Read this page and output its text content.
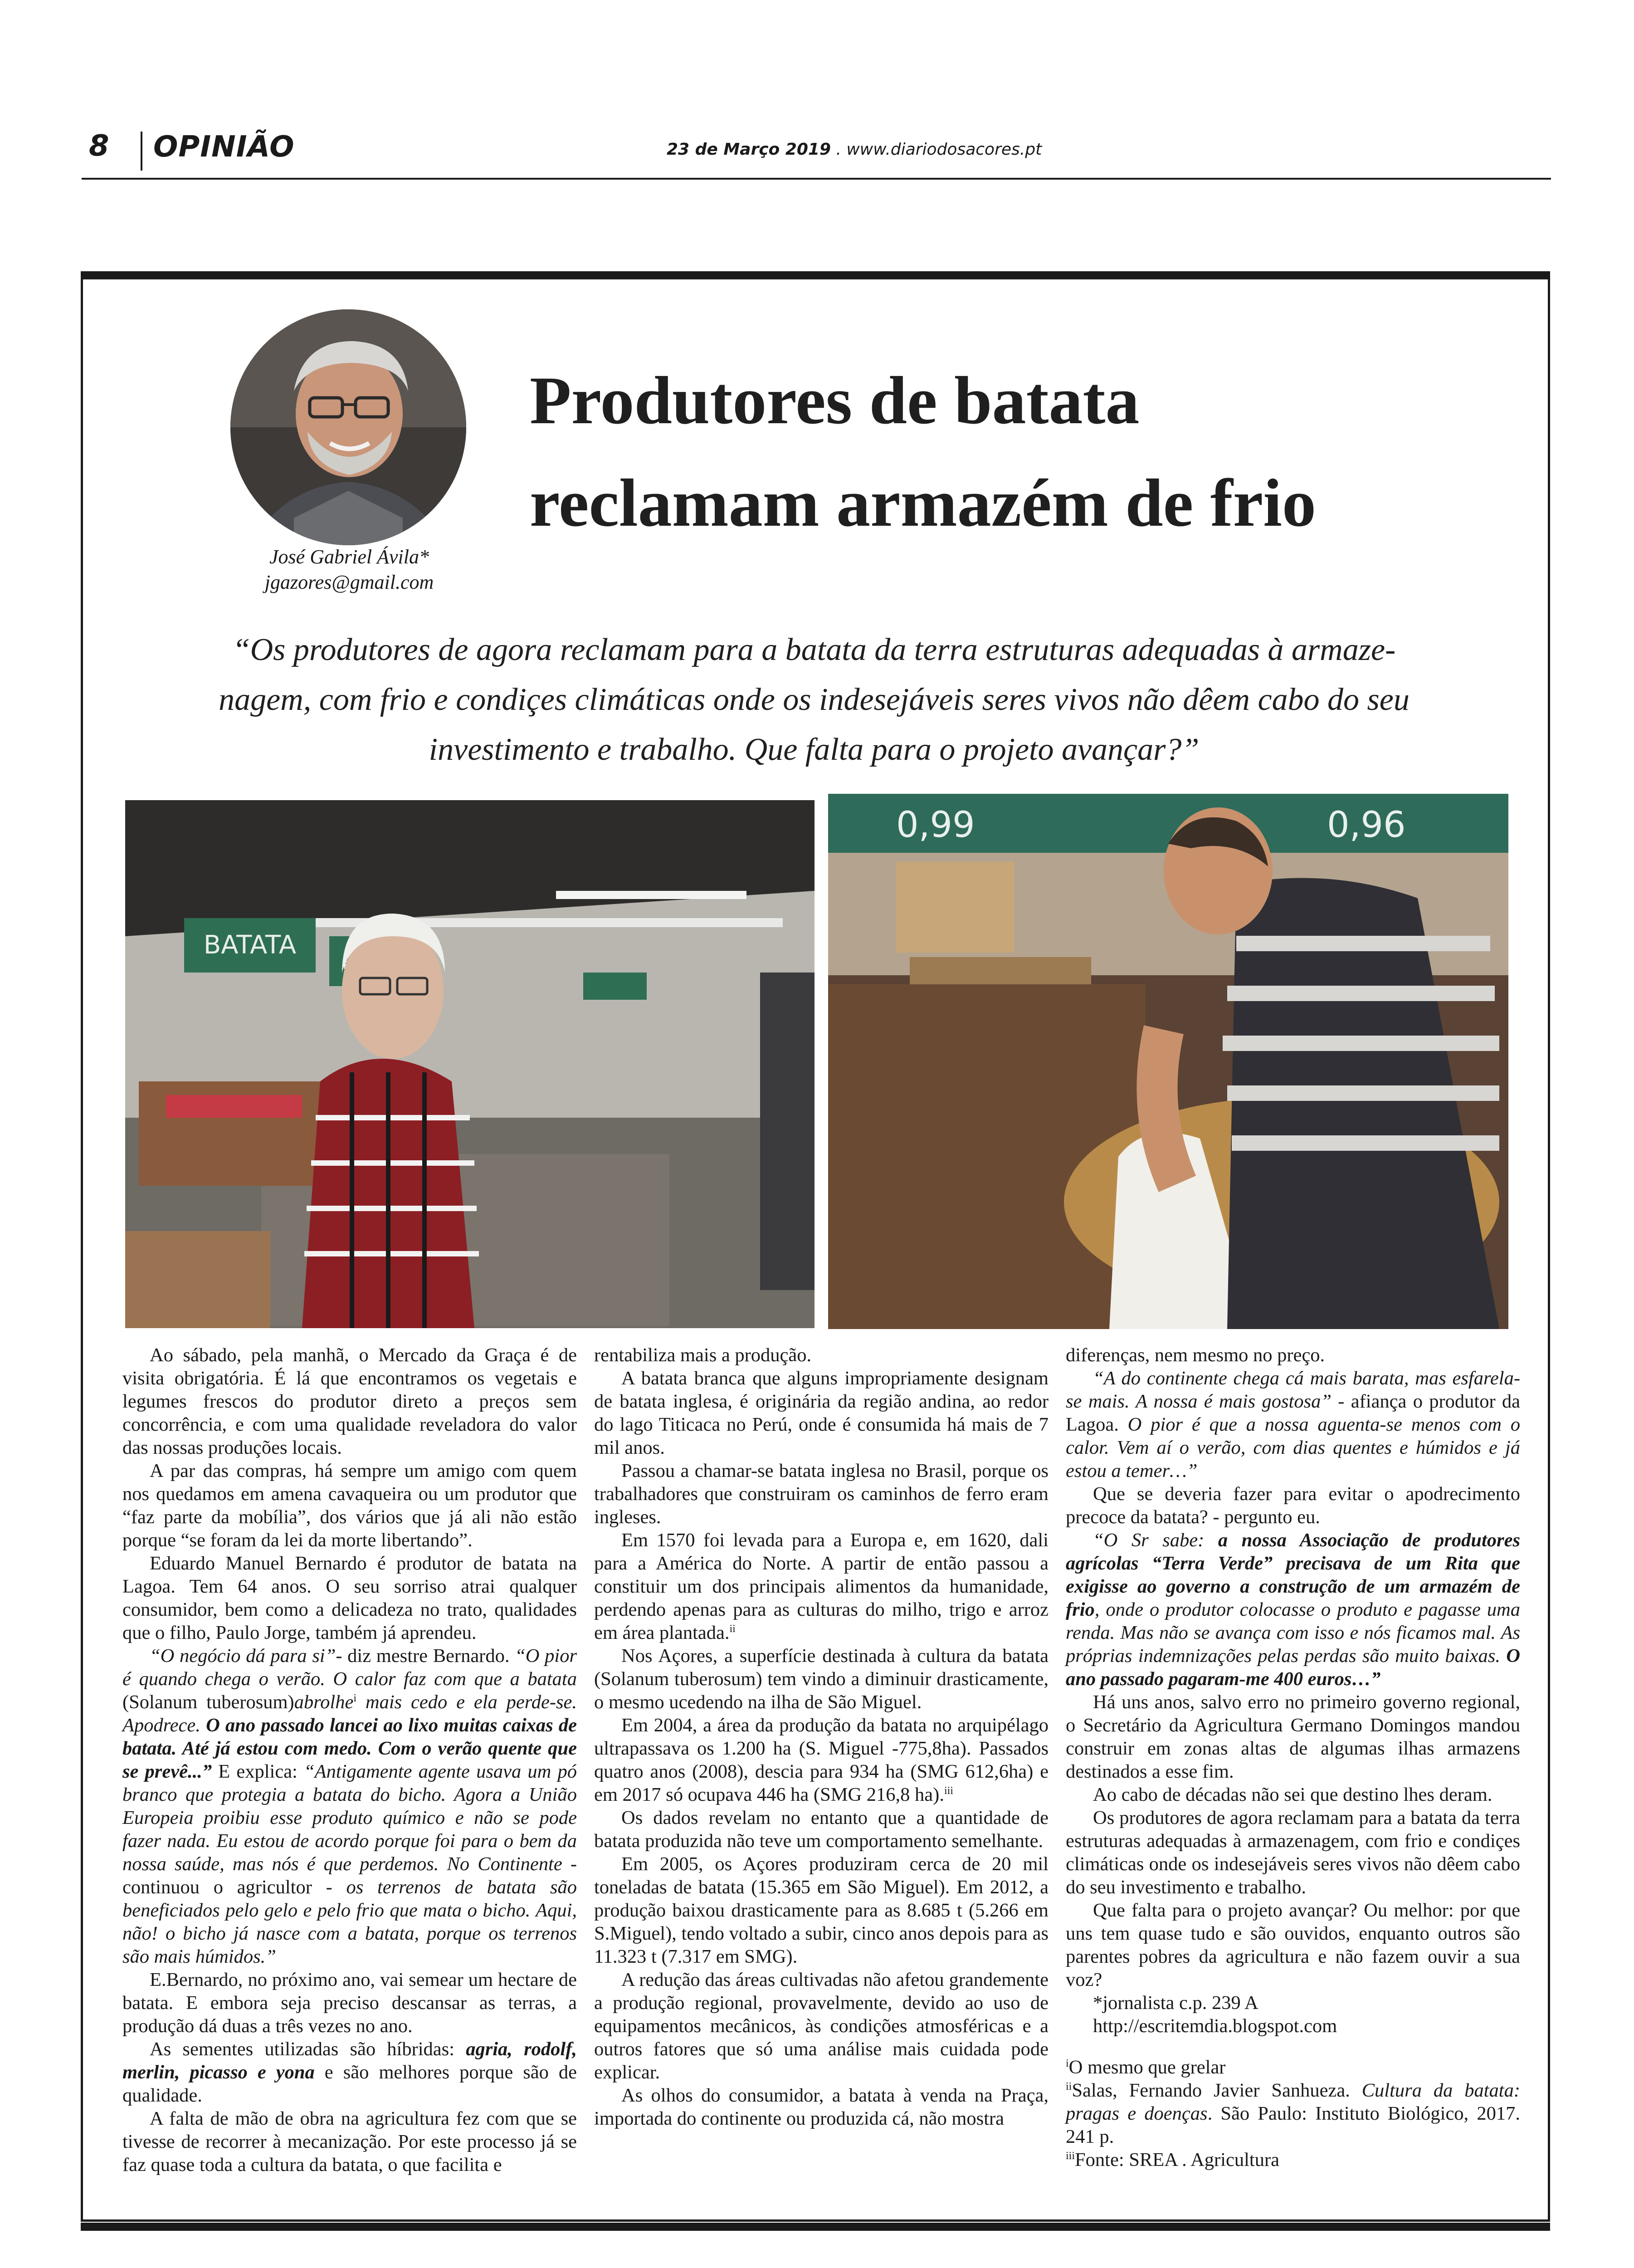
8 OPINIÃO	23 de Março 2019 . www.diariodosacores.pt
José Gabriel Ávila*
jgazores@gmail.com
Produtores de batata
reclamam armazém de frio
“Os produtores de agora reclamam para a batata da terra estruturas adequadas à armaze-
nagem, com frio e condiçes climáticas onde os indesejáveis seres vivos não dêem cabo do seu
investimento e trabalho. Que falta para o projeto avançar?”
BATATA
0,99	0,96

Ao sábado, pela manhã, o Mercado da Graça é de visita obrigatória. É lá que encontramos os vegetais e legumes frescos do produtor direto a preços sem concorrência, e com uma qualidade reveladora do valor das nossas produções locais.

A par das compras, há sempre um amigo com quem nos quedamos em amena cavaqueira ou um produtor que “faz parte da mobília”, dos vários que já ali não estão porque “se foram da lei da morte libertando”.

Eduardo Manuel Bernardo é produtor de batata na Lagoa. Tem 64 anos. O seu sorriso atrai qualquer consumidor, bem como a delicadeza no trato, qualidades que o filho, Paulo Jorge, também já aprendeu.

“O negócio dá para si”- diz mestre Bernardo. “O pior é quando chega o verão. O calor faz com que a batata (Solanum tuberosum)abrolhe$^i$ mais cedo e ela perde-se. Apodrece. O ano passado lancei ao lixo muitas caixas de batata. Até já estou com medo. Com o verão quente que se prevê...” E explica: “Antigamente agente usava um pó branco que protegia a batata do bicho. Agora a União Europeia proibiu esse produto químico e não se pode fazer nada. Eu estou de acordo porque foi para o bem da nossa saúde, mas nós é que perdemos. No Continente - continuou o agricultor - os terrenos de batata são beneficiados pelo gelo e pelo frio que mata o bicho. Aqui, não! o bicho já nasce com a batata, porque os terrenos são mais húmidos.”

E.Bernardo, no próximo ano, vai semear um hectare de batata. E embora seja preciso descansar as terras, a produção dá duas a três vezes no ano.

As sementes utilizadas são híbridas: agria, rodolf, merlin, picasso e yona e são melhores porque são de qualidade.

A falta de mão de obra na agricultura fez com que se tivesse de recorrer à mecanização. Por este processo já se faz quase toda a cultura da batata, o que facilita e

rentabiliza mais a produção.

A batata branca que alguns impropriamente designam de batata inglesa, é originária da região andina, ao redor do lago Titicaca no Perú, onde é consumida há mais de 7 mil anos.

Passou a chamar-se batata inglesa no Brasil, porque os trabalhadores que construiram os caminhos de ferro eram ingleses.

Em 1570 foi levada para a Europa e, em 1620, dali para a América do Norte. A partir de então passou a constituir um dos principais alimentos da humanidade, perdendo apenas para as culturas do milho, trigo e arroz em área plantada.$^{ii}$

Nos Açores, a superfície destinada à cultura da batata (Solanum tuberosum) tem vindo a diminuir drasticamente, o mesmo ucedendo na ilha de São Miguel.

Em 2004, a área da produção da batata no arquipélago ultrapassava os 1.200 ha (S. Miguel -775,8ha). Passados quatro anos (2008), descia para 934 ha (SMG 612,6ha) e em 2017 só ocupava 446 ha (SMG 216,8 ha).$^{iii}$

Os dados revelam no entanto que a quantidade de batata produzida não teve um comportamento semelhante.

Em 2005, os Açores produziram cerca de 20 mil toneladas de batata (15.365 em São Miguel). Em 2012, a produção baixou drasticamente para as 8.685 t (5.266 em S.Miguel), tendo voltado a subir, cinco anos depois para as 11.323 t (7.317 em SMG).

A redução das áreas cultivadas não afetou grandemente a produção regional, provavelmente, devido ao uso de equipamentos mecânicos, às condições atmosféricas e a outros fatores que só uma análise mais cuidada pode explicar.

As olhos do consumidor, a batata à venda na Praça, importada do continente ou produzida cá, não mostra

diferenças, nem mesmo no preço.

“A do continente chega cá mais barata, mas esfarela-se mais. A nossa é mais gostosa” - afiança o produtor da Lagoa. O pior é que a nossa aguenta-se menos com o calor. Vem aí o verão, com dias quentes e húmidos e já estou a temer…”

Que se deveria fazer para evitar o apodrecimento precoce da batata? - pergunto eu.

“O Sr sabe: a nossa Associação de produtores agrícolas “Terra Verde” precisava de um Rita que exigisse ao governo a construção de um armazém de frio, onde o produtor colocasse o produto e pagasse uma renda. Mas não se avança com isso e nós ficamos mal. As próprias indemnizações pelas perdas são muito baixas. O ano passado pagaram-me 400 euros…”

Há uns anos, salvo erro no primeiro governo regional, o Secretário da Agricultura Germano Domingos mandou construir em zonas altas de algumas ilhas armazens destinados a esse fim.

Ao cabo de décadas não sei que destino lhes deram.

Os produtores de agora reclamam para a batata da terra estruturas adequadas à armazenagem, com frio e condiçes climáticas onde os indesejáveis seres vivos não dêem cabo do seu investimento e trabalho.

Que falta para o projeto avançar? Ou melhor: por que uns tem quase tudo e são ouvidos, enquanto outros são parentes pobres da agricultura e não fazem ouvir a sua voz?

*jornalista c.p. 239 A

http://escritemdia.blogspot.com

$^i$O mesmo que grelar

$^{ii}$Salas, Fernando Javier Sanhueza. Cultura da batata: pragas e doenças. São Paulo: Instituto Biológico, 2017. 241 p.

$^{iii}$Fonte: SREA . Agricultura
